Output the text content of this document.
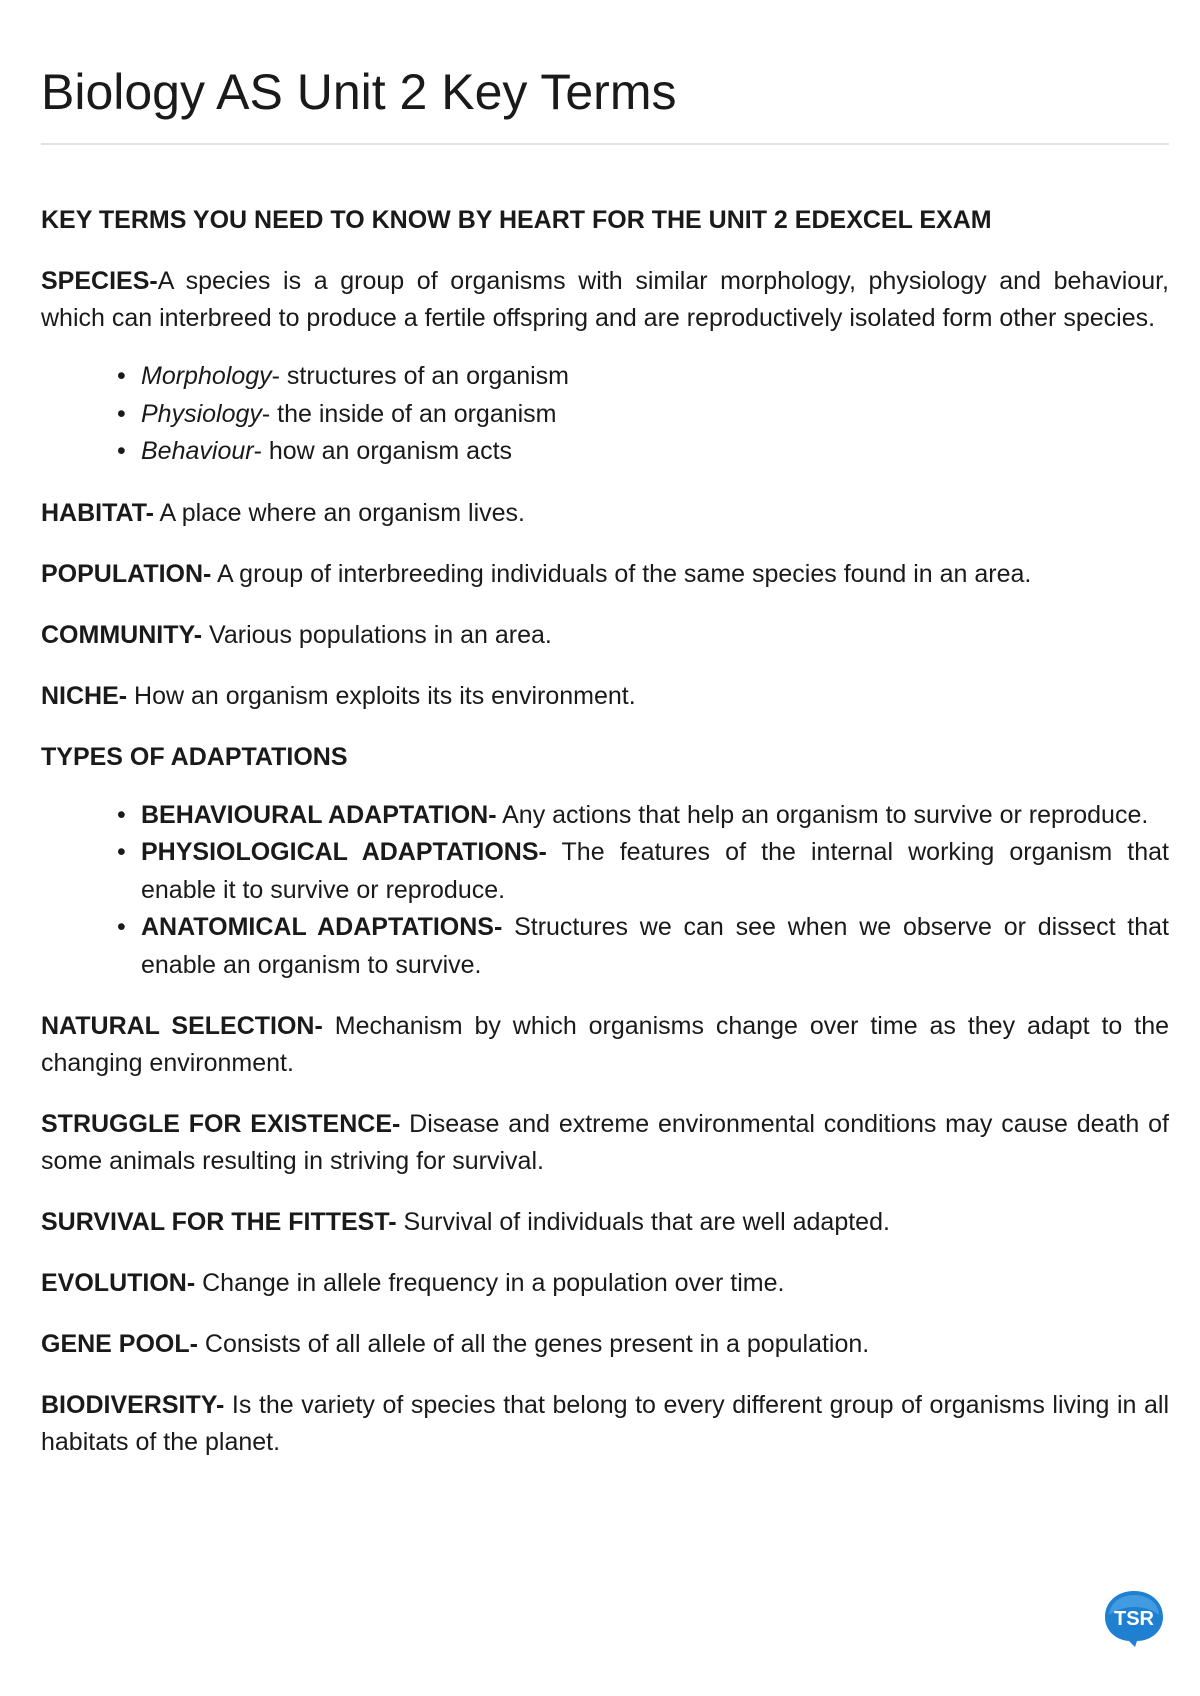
Biology AS Unit 2 Key Terms

KEY TERMS YOU NEED TO KNOW BY HEART FOR THE UNIT 2 EDEXCEL EXAM

SPECIES-A species is a group of organisms with similar morphology, physiology and behaviour, which can interbreed to produce a fertile offspring and are reproductively isolated form other species.

• Morphology- structures of an organism
• Physiology- the inside of an organism
• Behaviour- how an organism acts

HABITAT- A place where an organism lives.

POPULATION- A group of interbreeding individuals of the same species found in an area.

COMMUNITY- Various populations in an area.

NICHE- How an organism exploits its its environment.

TYPES OF ADAPTATIONS

• BEHAVIOURAL ADAPTATION- Any actions that help an organism to survive or reproduce.
• PHYSIOLOGICAL ADAPTATIONS- The features of the internal working organism that enable it to survive or reproduce.
• ANATOMICAL ADAPTATIONS- Structures we can see when we observe or dissect that enable an organism to survive.

NATURAL SELECTION- Mechanism by which organisms change over time as they adapt to the changing environment.

STRUGGLE FOR EXISTENCE- Disease and extreme environmental conditions may cause death of some animals resulting in striving for survival.

SURVIVAL FOR THE FITTEST- Survival of individuals that are well adapted.

EVOLUTION- Change in allele frequency in a population over time.

GENE POOL- Consists of all allele of all the genes present in a population.

BIODIVERSITY- Is the variety of species that belong to every different group of organisms living in all habitats of the planet.

TSR
